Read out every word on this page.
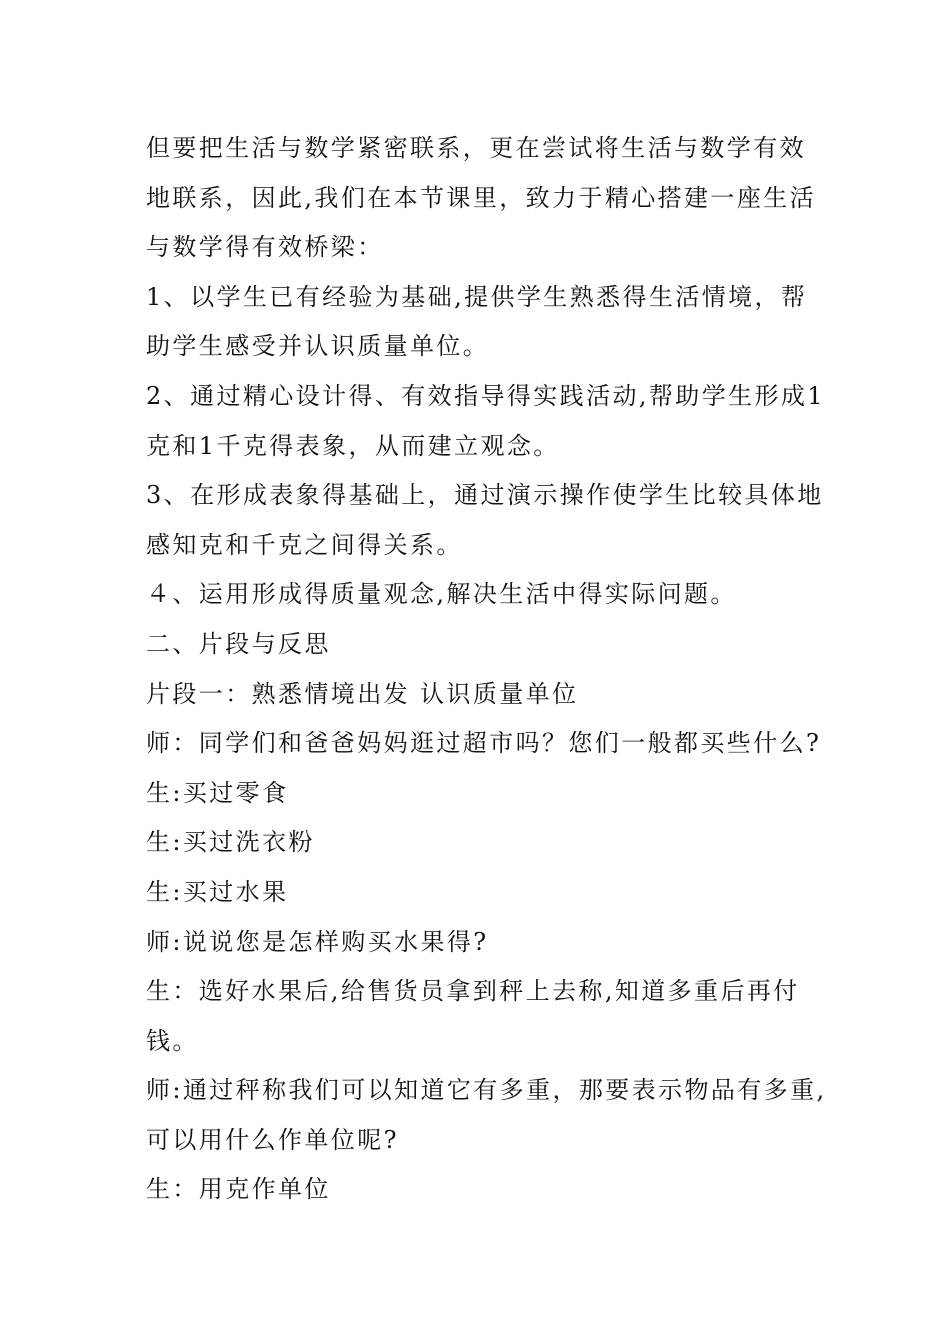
但要把生活与数学紧密联系，更在尝试将生活与数学有效
地联系，因此,我们在本节课里，致力于精心搭建一座生活
与数学得有效桥梁：
1、以学生已有经验为基础,提供学生熟悉得生活情境，帮
助学生感受并认识质量单位。
2、通过精心设计得、有效指导得实践活动,帮助学生形成1
克和1千克得表象，从而建立观念。
3、在形成表象得基础上，通过演示操作使学生比较具体地
感知克和千克之间得关系。
４、运用形成得质量观念,解决生活中得实际问题。
二、片段与反思
片段一：熟悉情境出发 认识质量单位
师：同学们和爸爸妈妈逛过超市吗？您们一般都买些什么?
生:买过零食
生:买过洗衣粉
生:买过水果
师:说说您是怎样购买水果得?
生：选好水果后,给售货员拿到秤上去称,知道多重后再付
钱。
师:通过秤称我们可以知道它有多重，那要表示物品有多重,
可以用什么作单位呢?
生：用克作单位
